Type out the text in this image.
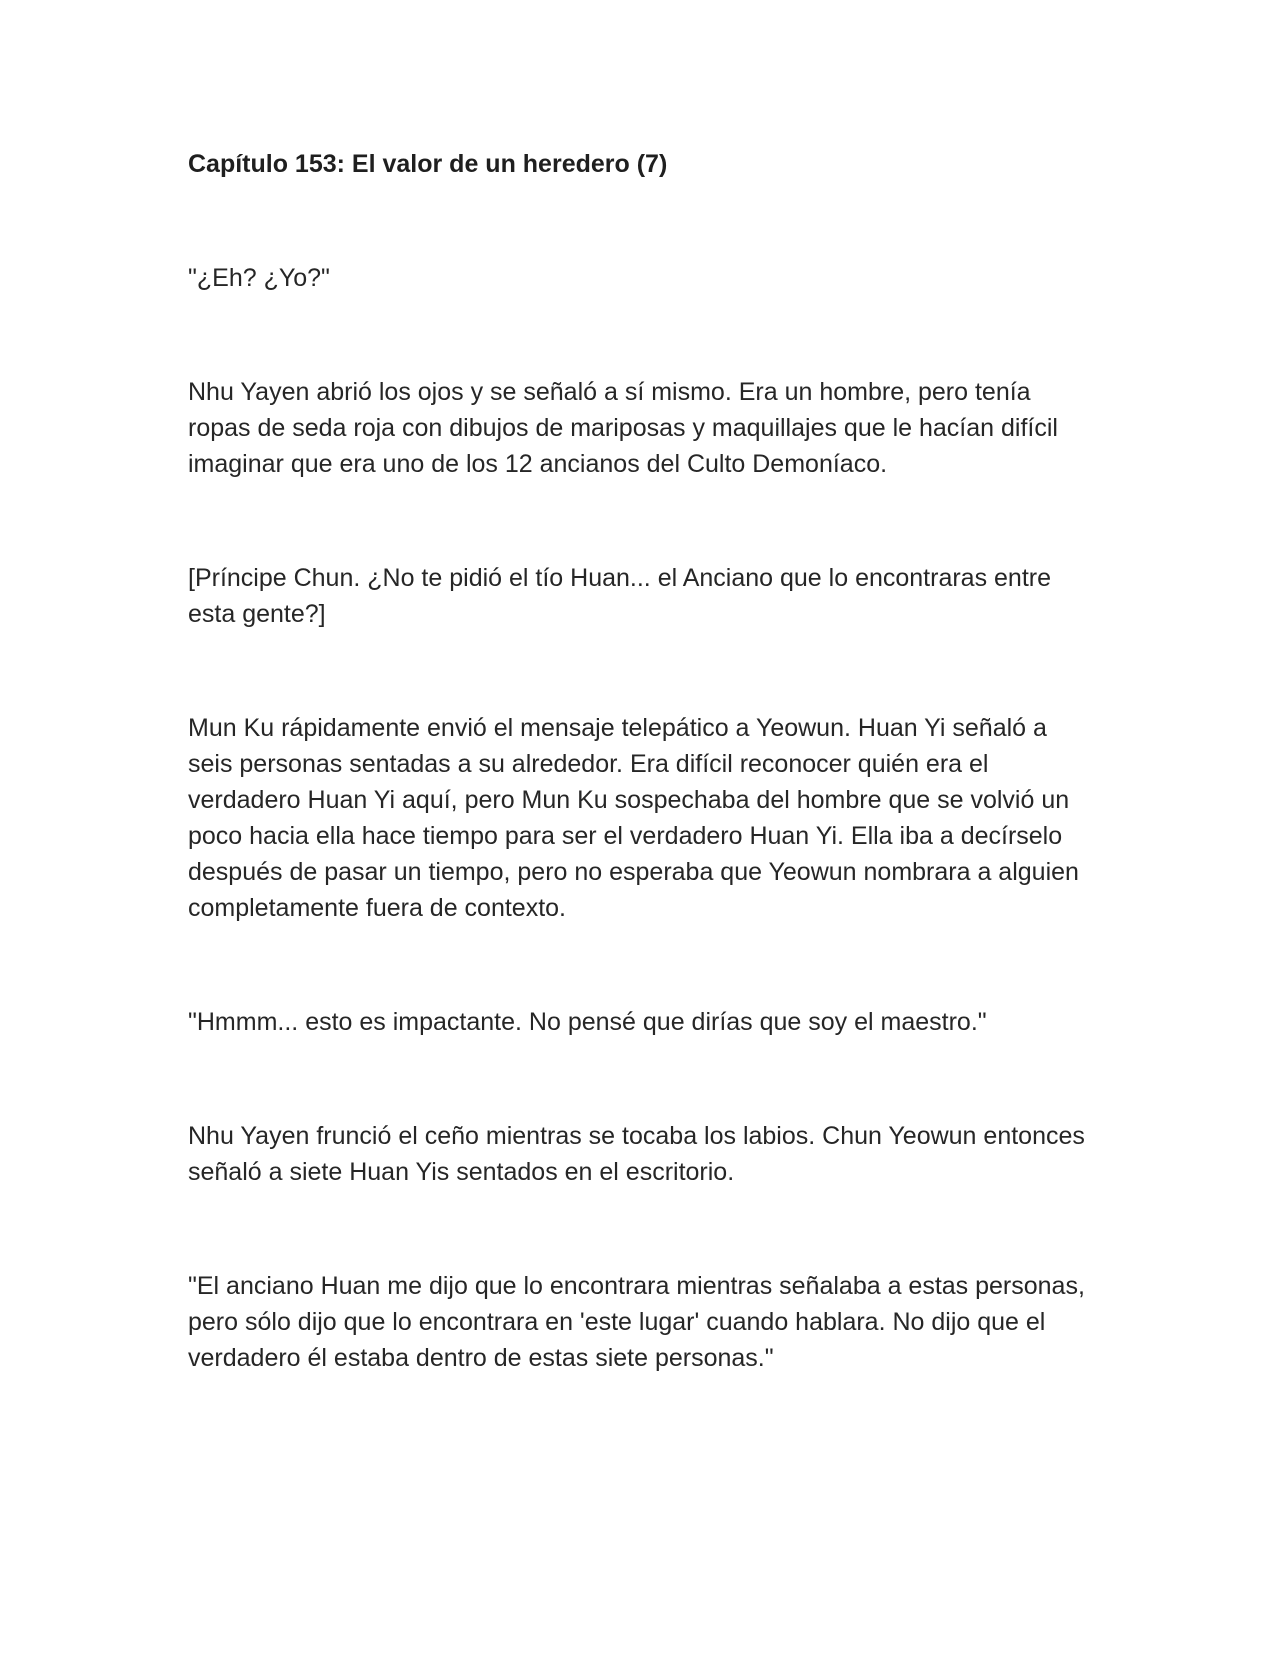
Capítulo 153: El valor de un heredero (7)

"¿Eh? ¿Yo?"

Nhu Yayen abrió los ojos y se señaló a sí mismo. Era un hombre, pero tenía ropas de seda roja con dibujos de mariposas y maquillajes que le hacían difícil imaginar que era uno de los 12 ancianos del Culto Demoníaco.

[Príncipe Chun. ¿No te pidió el tío Huan... el Anciano que lo encontraras entre esta gente?]

Mun Ku rápidamente envió el mensaje telepático a Yeowun. Huan Yi señaló a seis personas sentadas a su alrededor. Era difícil reconocer quién era el verdadero Huan Yi aquí, pero Mun Ku sospechaba del hombre que se volvió un poco hacia ella hace tiempo para ser el verdadero Huan Yi. Ella iba a decírselo después de pasar un tiempo, pero no esperaba que Yeowun nombrara a alguien completamente fuera de contexto.

"Hmmm... esto es impactante. No pensé que dirías que soy el maestro."

Nhu Yayen frunció el ceño mientras se tocaba los labios. Chun Yeowun entonces señaló a siete Huan Yis sentados en el escritorio.

"El anciano Huan me dijo que lo encontrara mientras señalaba a estas personas, pero sólo dijo que lo encontrara en 'este lugar' cuando hablara. No dijo que el verdadero él estaba dentro de estas siete personas."
